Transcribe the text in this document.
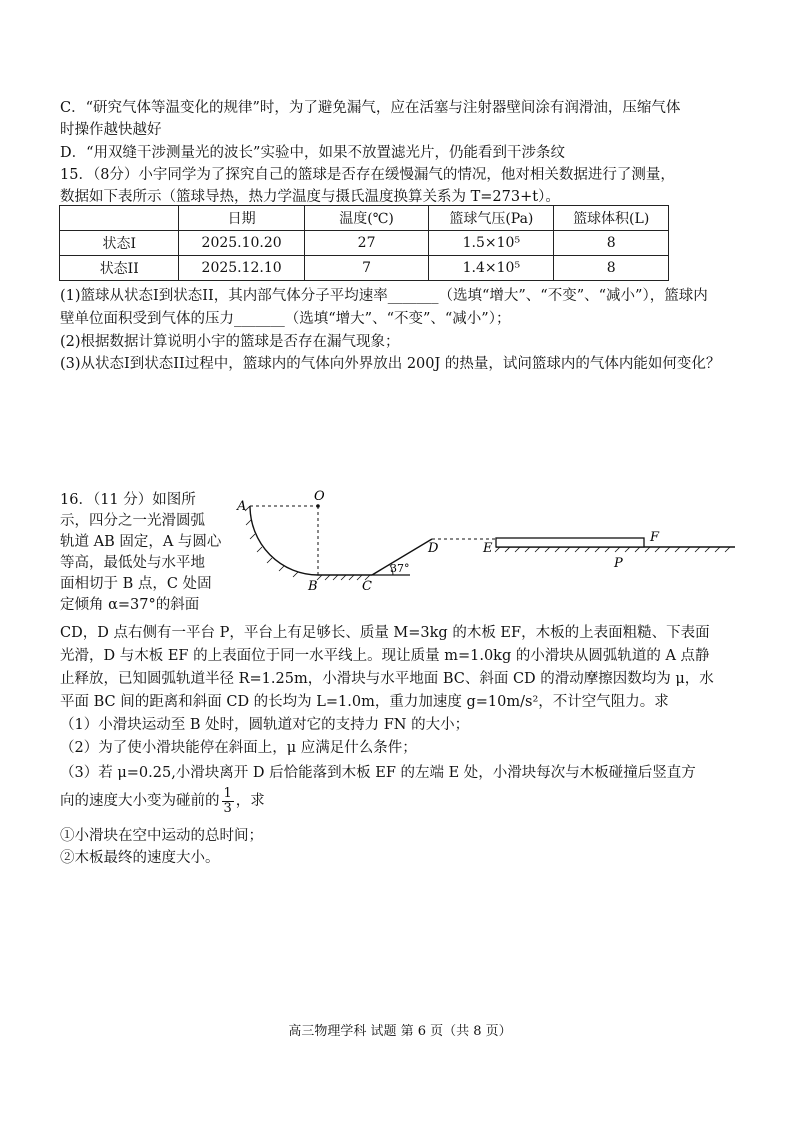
C．“研究气体等温变化的规律”时，为了避免漏气，应在活塞与注射器壁间涂有润滑油，压缩气体
时操作越快越好
D．“用双缝干涉测量光的波长”实验中，如果不放置滤光片，仍能看到干涉条纹
15．（8分）小宇同学为了探究自己的篮球是否存在缓慢漏气的情况，他对相关数据进行了测量，
数据如下表所示（篮球导热，热力学温度与摄氏温度换算关系为 T=273+t）。
	日期	温度(℃)	篮球气压(Pa)	篮球体积(L)
状态I	2025.10.20	27	1.5×10⁵	8
状态II	2025.12.10	7	1.4×10⁵	8
(1)篮球从状态I到状态II，其内部气体分子平均速率_______（选填“增大”、“不变”、“减小”），篮球内
壁单位面积受到气体的压力_______（选填“增大”、“不变”、“减小”）；
(2)根据数据计算说明小宇的篮球是否存在漏气现象；
(3)从状态I到状态II过程中，篮球内的气体向外界放出 200J 的热量，试问篮球内的气体内能如何变化？
16．（11 分）如图所
示，四分之一光滑圆弧
轨道 AB 固定，A 与圆心
等高，最低处与水平地
面相切于 B 点，C 处固
定倾角 α=37°的斜面
A
O
B	C
D	E
F
P
37°
CD，D 点右侧有一平台 P，平台上有足够长、质量 M=3kg 的木板 EF，木板的上表面粗糙、下表面
光滑，D 与木板 EF 的上表面位于同一水平线上。现让质量 m=1.0kg 的小滑块从圆弧轨道的 A 点静
止释放，已知圆弧轨道半径 R=1.25m，小滑块与水平地面 BC、斜面 CD 的滑动摩擦因数均为 μ，水
平面 BC 间的距离和斜面 CD 的长均为 L=1.0m，重力加速度 g=10m/s²，不计空气阻力。求
（1）小滑块运动至 B 处时，圆轨道对它的支持力 FN 的大小；
（2）为了使小滑块能停在斜面上，μ 应满足什么条件；
（3）若 μ=0.25,小滑块离开 D 后恰能落到木板 EF 的左端 E 处，小滑块每次与木板碰撞后竖直方
向的速度大小变为碰前的 $\frac{1}{3}$ ，求
①小滑块在空中运动的总时间；
②木板最终的速度大小。
高三物理学科 试题 第 6 页（共 8 页）
